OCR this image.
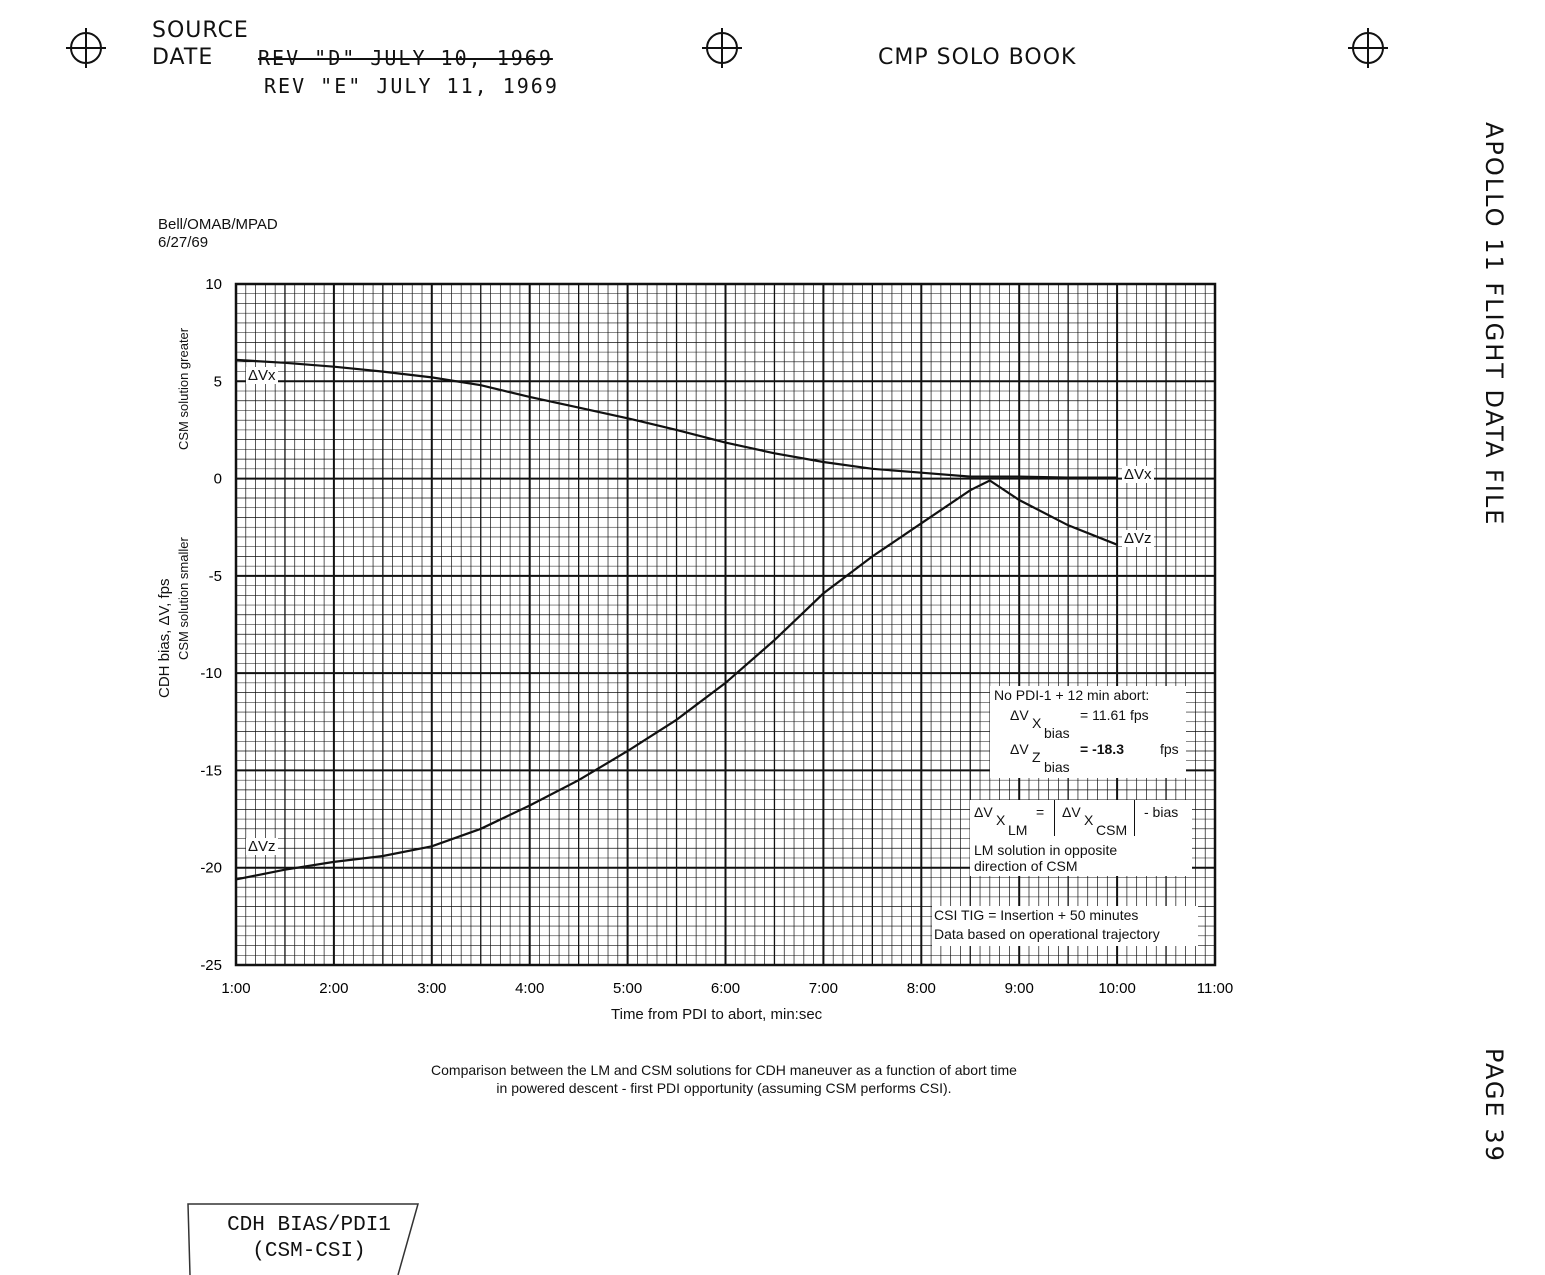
SOURCE
DATE REV "D" JULY 10, 1969
REV "E" JULY 11, 1969
CMP SOLO BOOK
APOLLO 11 FLIGHT DATA FILE
PAGE 39
Bell/OMAB/MPAD
6/27/69
1:00	2:00	3:00	4:00	5:00	6:00	7:00	8:00	9:00	10:00	11:00
10
5
0
-5
-10
-15
-20
-25
Time from PDI to abort, min:sec
CDH bias, ΔV, fps
CSM solution greater
CSM solution smaller
ΔVx
ΔVz
ΔVx
ΔVz
No PDI-1 + 12 min abort:
ΔV X
bias
= 11.61 fps
ΔV Z
bias
= -18.3	fps
ΔV X
LM
= ΔV X
CSM
- bias
LM solution in opposite
direction of CSM
CSI TIG = Insertion + 50 minutes
Data based on operational trajectory
Comparison between the LM and CSM solutions for CDH maneuver as a function of abort time
in powered descent - first PDI opportunity (assuming CSM performs CSI).
CDH BIAS/PDI1
(CSM-CSI)
